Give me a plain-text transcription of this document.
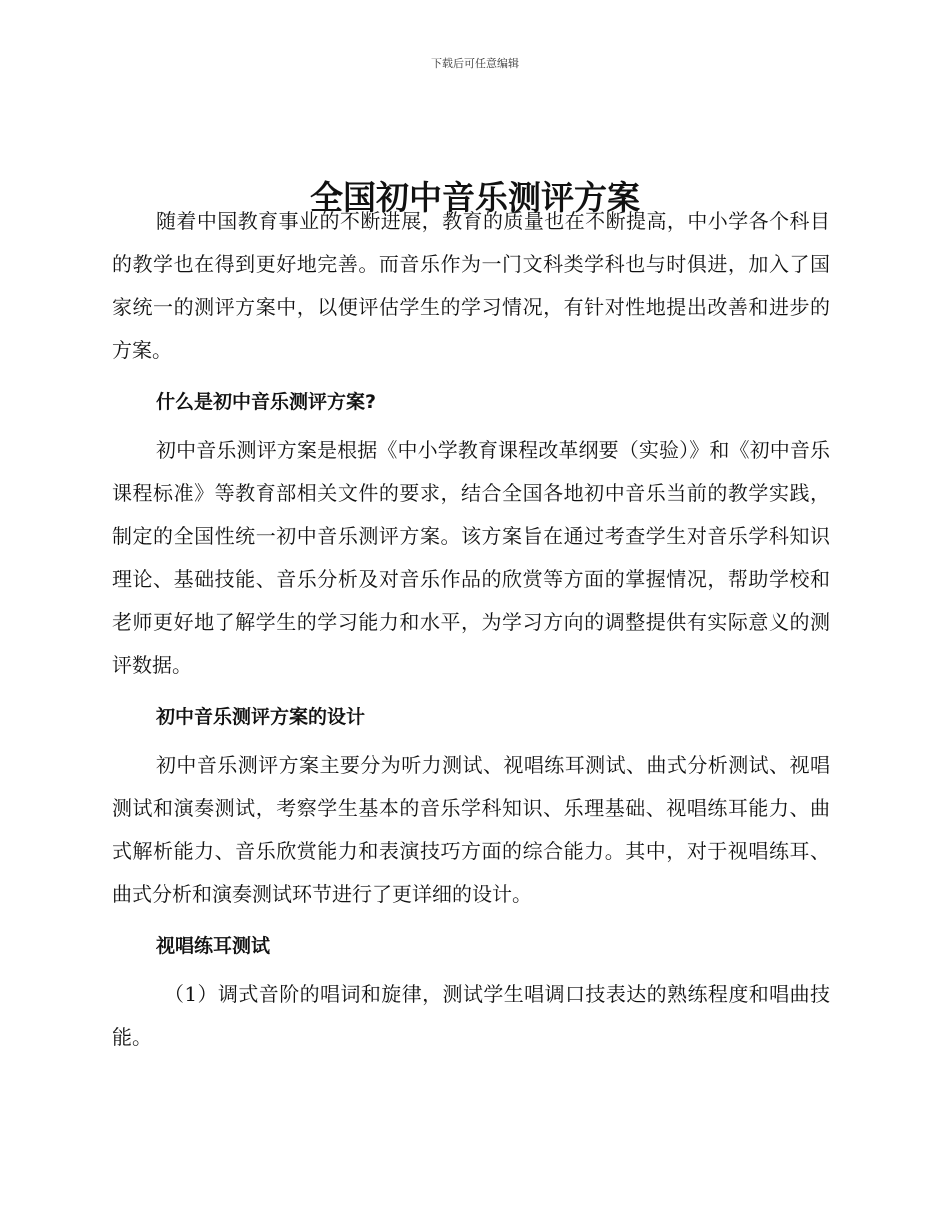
下载后可任意编辑
全国初中音乐测评方案

随着中国教育事业的不断进展，教育的质量也在不断提高，中小学各个科目的教学也在得到更好地完善。而音乐作为一门文科类学科也与时俱进，加入了国家统一的测评方案中，以便评估学生的学习情况，有针对性地提出改善和进步的方案。

什么是初中音乐测评方案?

初中音乐测评方案是根据《中小学教育课程改革纲要（实验）》和《初中音乐课程标准》等教育部相关文件的要求，结合全国各地初中音乐当前的教学实践，制定的全国性统一初中音乐测评方案。该方案旨在通过考查学生对音乐学科知识理论、基础技能、音乐分析及对音乐作品的欣赏等方面的掌握情况，帮助学校和老师更好地了解学生的学习能力和水平，为学习方向的调整提供有实际意义的测评数据。

初中音乐测评方案的设计

初中音乐测评方案主要分为听力测试、视唱练耳测试、曲式分析测试、视唱测试和演奏测试，考察学生基本的音乐学科知识、乐理基础、视唱练耳能力、曲式解析能力、音乐欣赏能力和表演技巧方面的综合能力。其中，对于视唱练耳、曲式分析和演奏测试环节进行了更详细的设计。

视唱练耳测试

（1）调式音阶的唱词和旋律，测试学生唱调口技表达的熟练程度和唱曲技能。
